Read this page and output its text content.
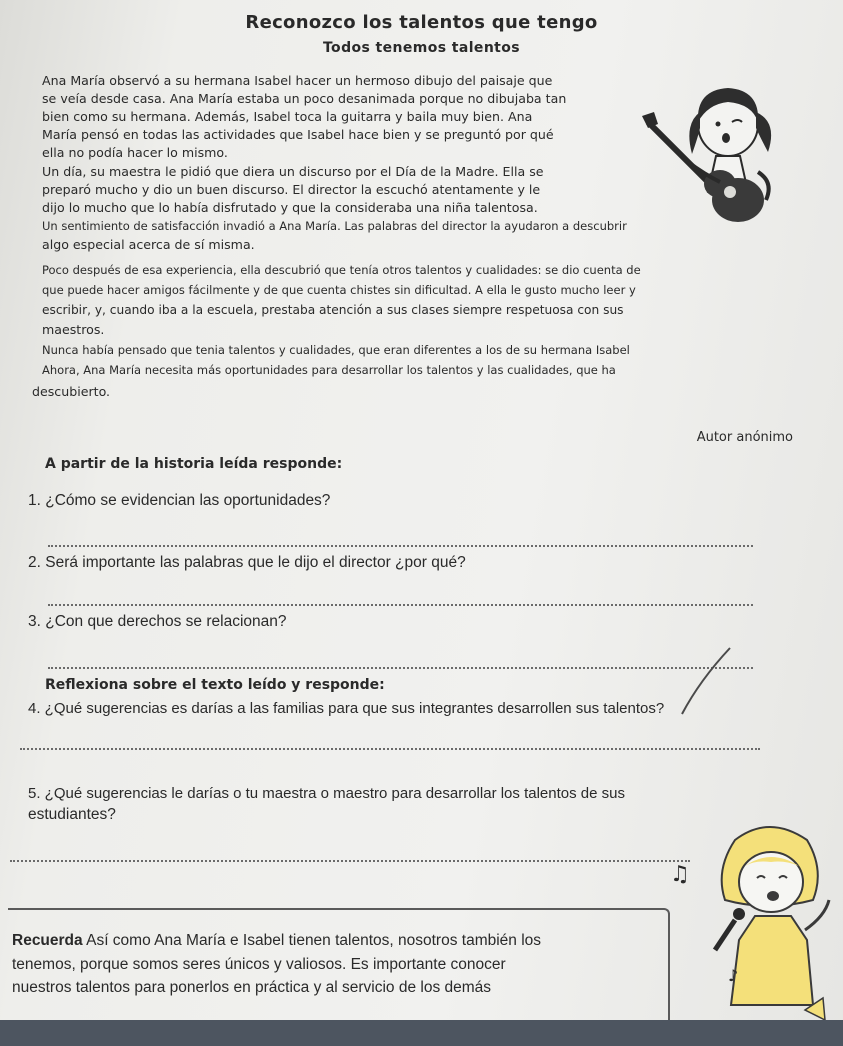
Reconozco los talentos que tengo
Todos tenemos talentos
Ana María observó a su hermana Isabel hacer un hermoso dibujo del paisaje que
se veía desde casa. Ana María estaba un poco desanimada porque no dibujaba tan
bien como su hermana. Además, Isabel toca la guitarra y baila muy bien. Ana
María pensó en todas las actividades que Isabel hace bien y se preguntó por qué
ella no podía hacer lo mismo.
Un día, su maestra le pidió que diera un discurso por el Día de la Madre. Ella se
preparó mucho y dio un buen discurso. El director la escuchó atentamente y le
dijo lo mucho que lo había disfrutado y que la consideraba una niña talentosa.
Un sentimiento de satisfacción invadió a Ana María. Las palabras del director la ayudaron a descubrir
algo especial acerca de sí misma.
Poco después de esa experiencia, ella descubrió que tenía otros talentos y cualidades: se dio cuenta de
que puede hacer amigos fácilmente y de que cuenta chistes sin dificultad. A ella le gusto mucho leer y
escribir, y, cuando iba a la escuela, prestaba atención a sus clases siempre respetuosa con sus
maestros.
Nunca había pensado que tenia talentos y cualidades, que eran diferentes a los de su hermana Isabel
Ahora, Ana María necesita más oportunidades para desarrollar los talentos y las cualidades, que ha
descubierto.
Autor anónimo
A partir de la historia leída responde:
1. ¿Cómo se evidencian las oportunidades?
2. Será importante las palabras que le dijo el director ¿por qué?
3. ¿Con que derechos se relacionan?
Reflexiona sobre el texto leído y responde:
4. ¿Qué sugerencias es darías a las familias para que sus integrantes desarrollen sus talentos?
5. ¿Qué sugerencias le darías o tu maestra o maestro para desarrollar los talentos de sus
estudiantes?
Recuerda Así como Ana María e Isabel tienen talentos, nosotros también los
tenemos, porque somos seres únicos y valiosos. Es importante conocer
nuestros talentos para ponerlos en práctica y al servicio de los demás
♫
♪
